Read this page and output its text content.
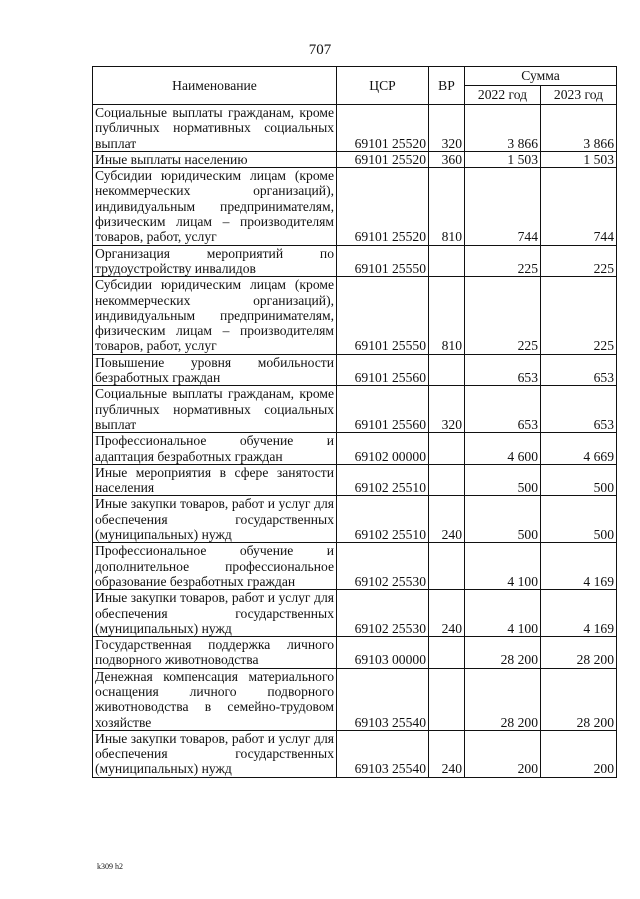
707
Наименование	ЦСР	ВР	Сумма	
			2022 год	2023 год
Социальные выплаты гражданам, кроме публичных нормативных социальных выплат	69101 25520	320	3 866	3 866
Иные выплаты населению	69101 25520	360	1 503	1 503
Субсидии юридическим лицам (кроме некоммерческих организаций), индивидуальным предпринимателям, физическим лицам – производителям товаров, работ, услуг	69101 25520	810	744	744
Организация мероприятий по трудоустройству инвалидов	69101 25550		225	225
Субсидии юридическим лицам (кроме некоммерческих организаций), индивидуальным предпринимателям, физическим лицам – производителям товаров, работ, услуг	69101 25550	810	225	225
Повышение уровня мобильности безработных граждан	69101 25560		653	653
Социальные выплаты гражданам, кроме публичных нормативных социальных выплат	69101 25560	320	653	653
Профессиональное обучение и адаптация безработных граждан	69102 00000		4 600	4 669
Иные мероприятия в сфере занятости населения	69102 25510		500	500
Иные закупки товаров, работ и услуг для обеспечения государственных (муниципальных) нужд	69102 25510	240	500	500
Профессиональное обучение и дополнительное профессиональное образование безработных граждан	69102 25530		4 100	4 169
Иные закупки товаров, работ и услуг для обеспечения государственных (муниципальных) нужд	69102 25530	240	4 100	4 169
Государственная поддержка личного подворного животноводства	69103 00000		28 200	28 200
Денежная компенсация материального оснащения личного подворного животноводства в семейно-трудовом хозяйстве	69103 25540		28 200	28 200
Иные закупки товаров, работ и услуг для обеспечения государственных (муниципальных) нужд	69103 25540	240	200	200
k309 h2
